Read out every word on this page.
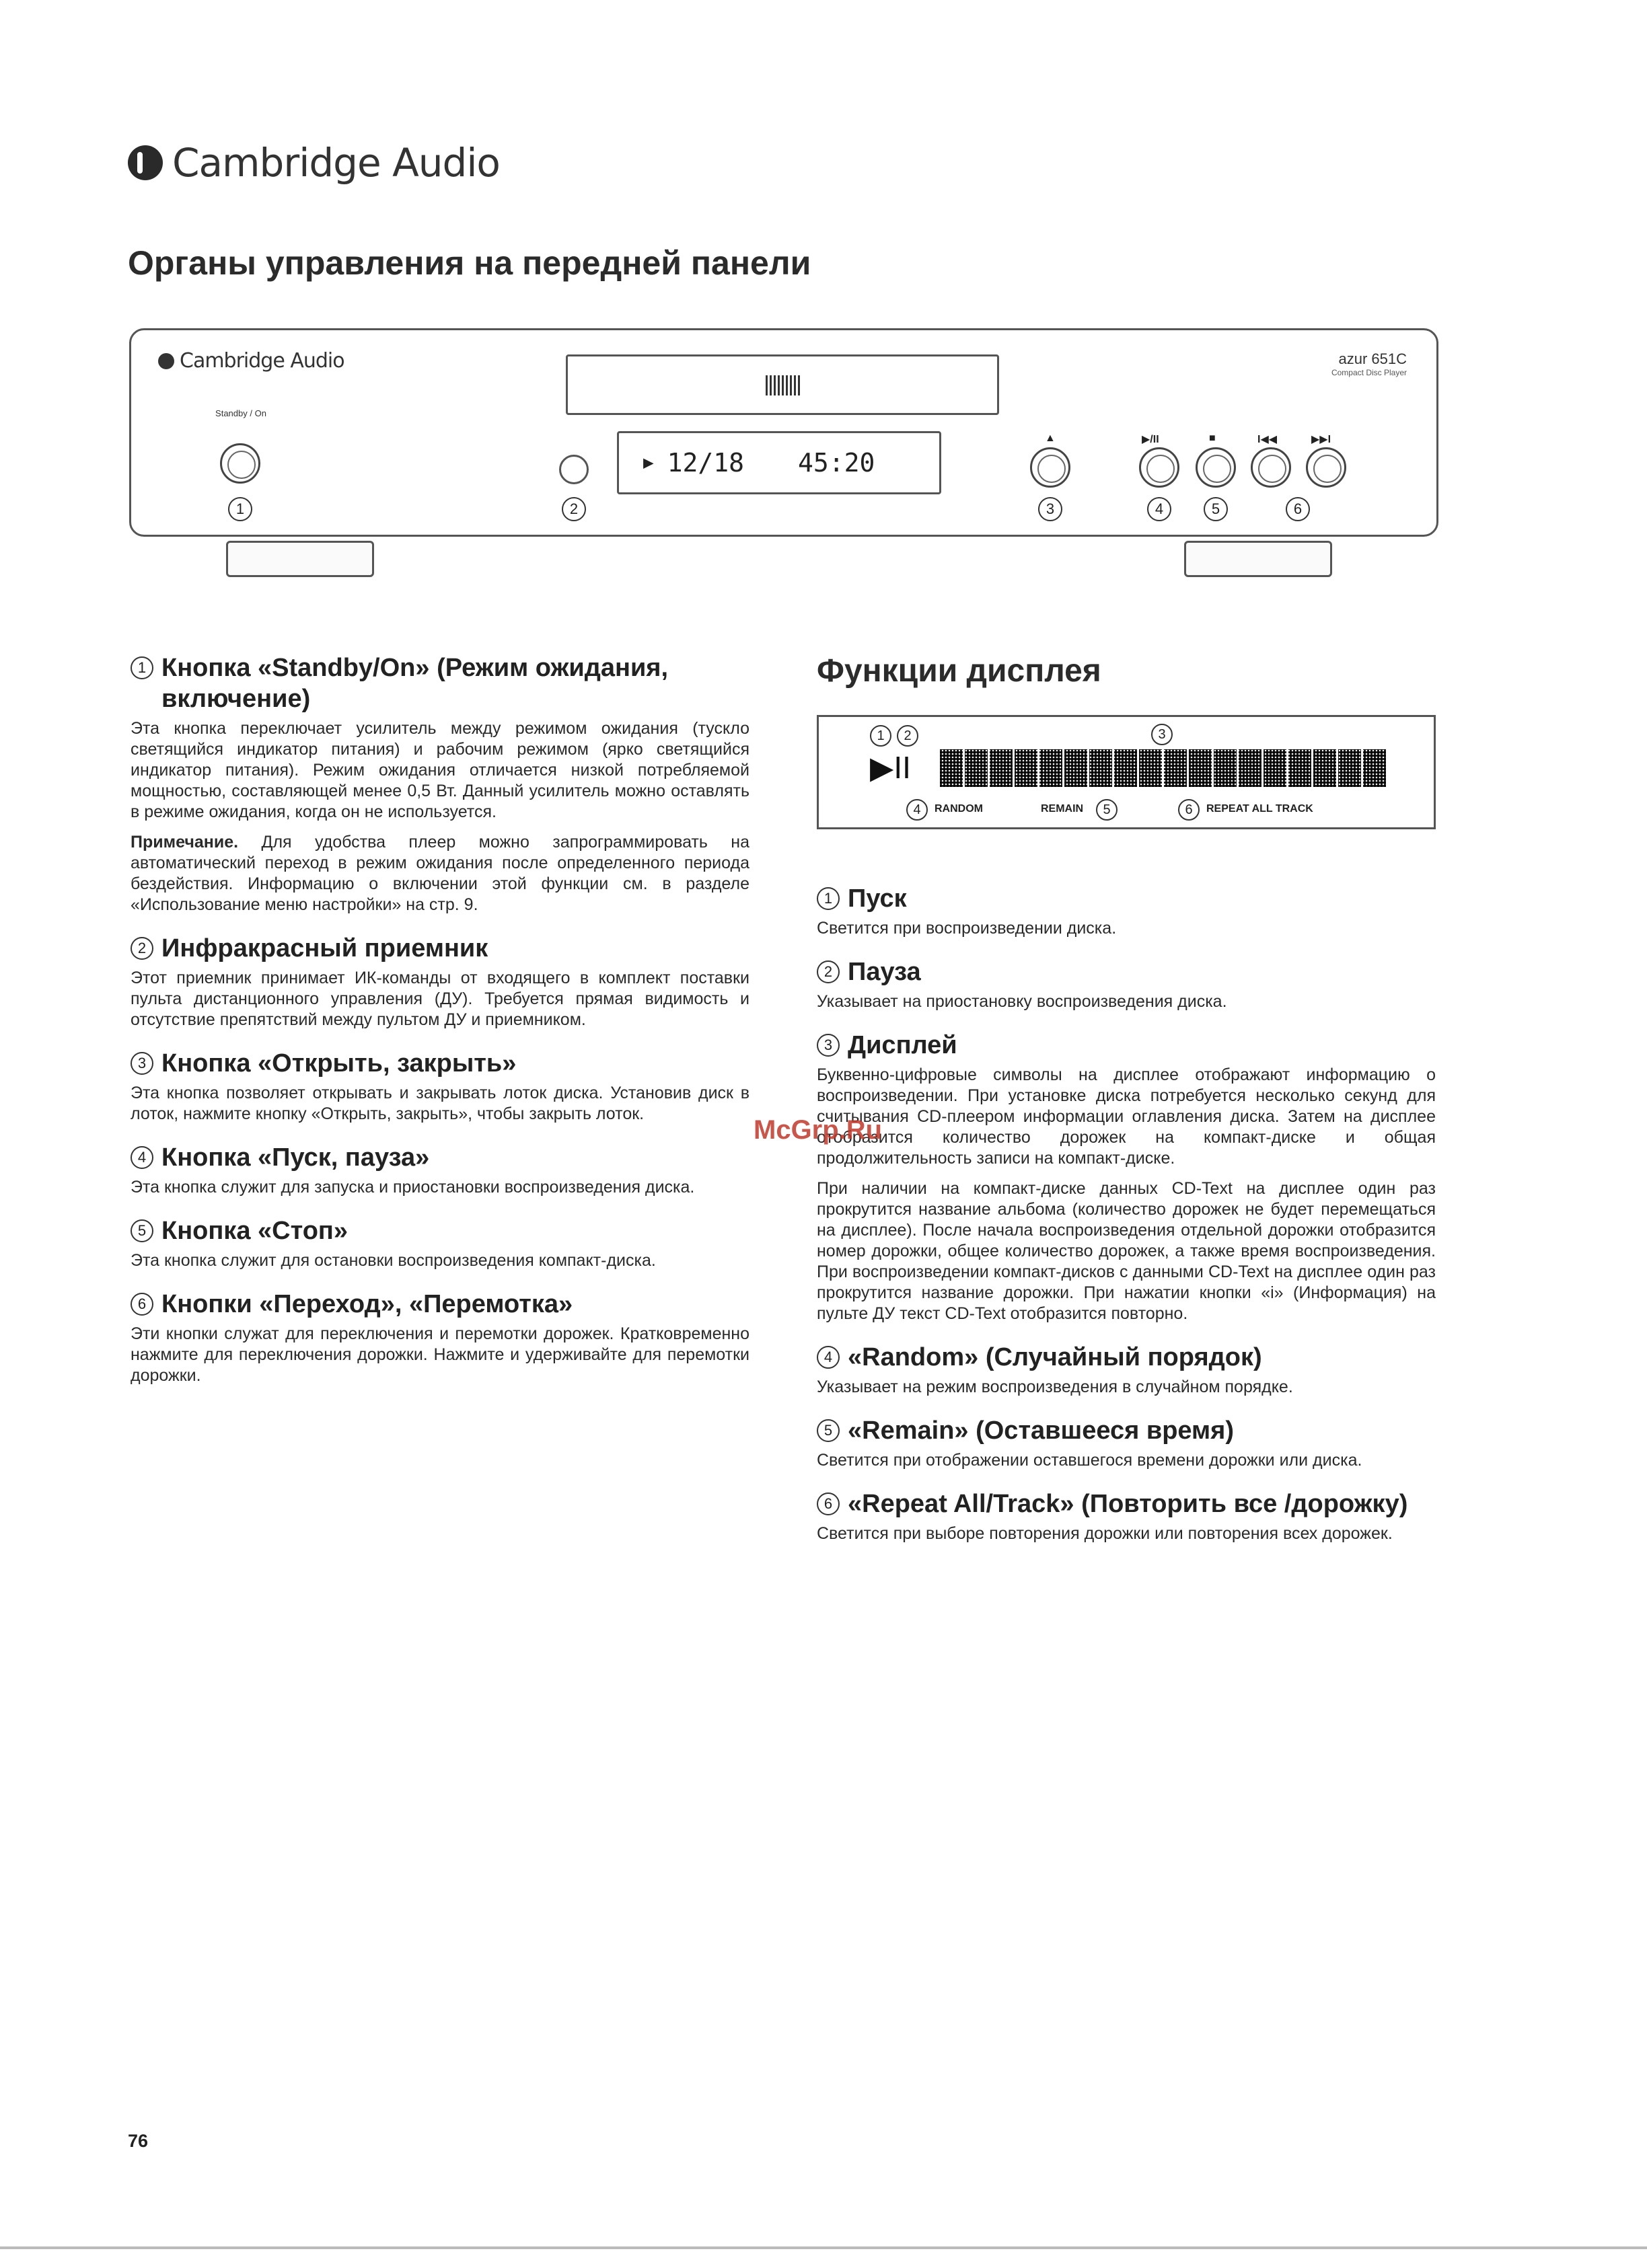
Cambridge Audio
Органы управления на передней панели
Cambridge Audio	azur 651C
Compact Disc Player
Standby / On
▶ 12/18 45:20
▲	▶/II	■	I◀◀	▶▶I
1	2	3	4	5	6
1 Кнопка «Standby/On» (Режим ожидания, включение)

Эта кнопка переключает усилитель между режимом ожидания (тускло светящийся индикатор питания) и рабочим режимом (ярко светящийся индикатор питания). Режим ожидания отличается низкой потребляемой мощностью, составляющей менее 0,5 Вт. Данный усилитель можно оставлять в режиме ожидания, когда он не используется.

Примечание. Для удобства плеер можно запрограммировать на автоматический переход в режим ожидания после определенного периода бездействия. Информацию о включении этой функции см. в разделе «Использование меню настройки» на стр. 9.

2 Инфракрасный приемник

Этот приемник принимает ИК-команды от входящего в комплект поставки пульта дистанционного управления (ДУ). Требуется прямая видимость и отсутствие препятствий между пультом ДУ и приемником.

3 Кнопка «Открыть, закрыть»

Эта кнопка позволяет открывать и закрывать лоток диска. Установив диск в лоток, нажмите кнопку «Открыть, закрыть», чтобы закрыть лоток.

4 Кнопка «Пуск, пауза»

Эта кнопка служит для запуска и приостановки воспроизведения диска.

5 Кнопка «Стоп»

Эта кнопка служит для остановки воспроизведения компакт-диска.

6 Кнопки «Переход», «Перемотка»

Эти кнопки служат для переключения и перемотки дорожек. Кратковременно нажмите для переключения дорожки. Нажмите и удерживайте для перемотки дорожки.

Функции дисплея
1	2	3
▶II
4	RANDOM	REMAIN	5	6	REPEAT ALL TRACK
1 Пуск

Светится при воспроизведении диска.

2 Пауза

Указывает на приостановку воспроизведения диска.

3 Дисплей

Буквенно-цифровые символы на дисплее отображают информацию о воспроизведении. При установке диска потребуется несколько секунд для считывания CD-плеером информации оглавления диска. Затем на дисплее отобразится количество дорожек на компакт-диске и общая продолжительность записи на компакт-диске.

При наличии на компакт-диске данных CD-Text на дисплее один раз прокрутится название альбома (количество дорожек не будет перемещаться на дисплее). После начала воспроизведения отдельной дорожки отобразится номер дорожки, общее количество дорожек, а также время воспроизведения. При воспроизведении компакт-дисков с данными CD-Text на дисплее один раз прокрутится название дорожки. При нажатии кнопки «i» (Информация) на пульте ДУ текст CD-Text отобразится повторно.

4 «Random» (Случайный порядок)

Указывает на режим воспроизведения в случайном порядке.

5 «Remain» (Оставшееся время)

Светится при отображении оставшегося времени дорожки или диска.

6 «Repeat All/Track» (Повторить все /дорожку)

Светится при выборе повторения дорожки или повторения всех дорожек.

McGrp.Ru
76
